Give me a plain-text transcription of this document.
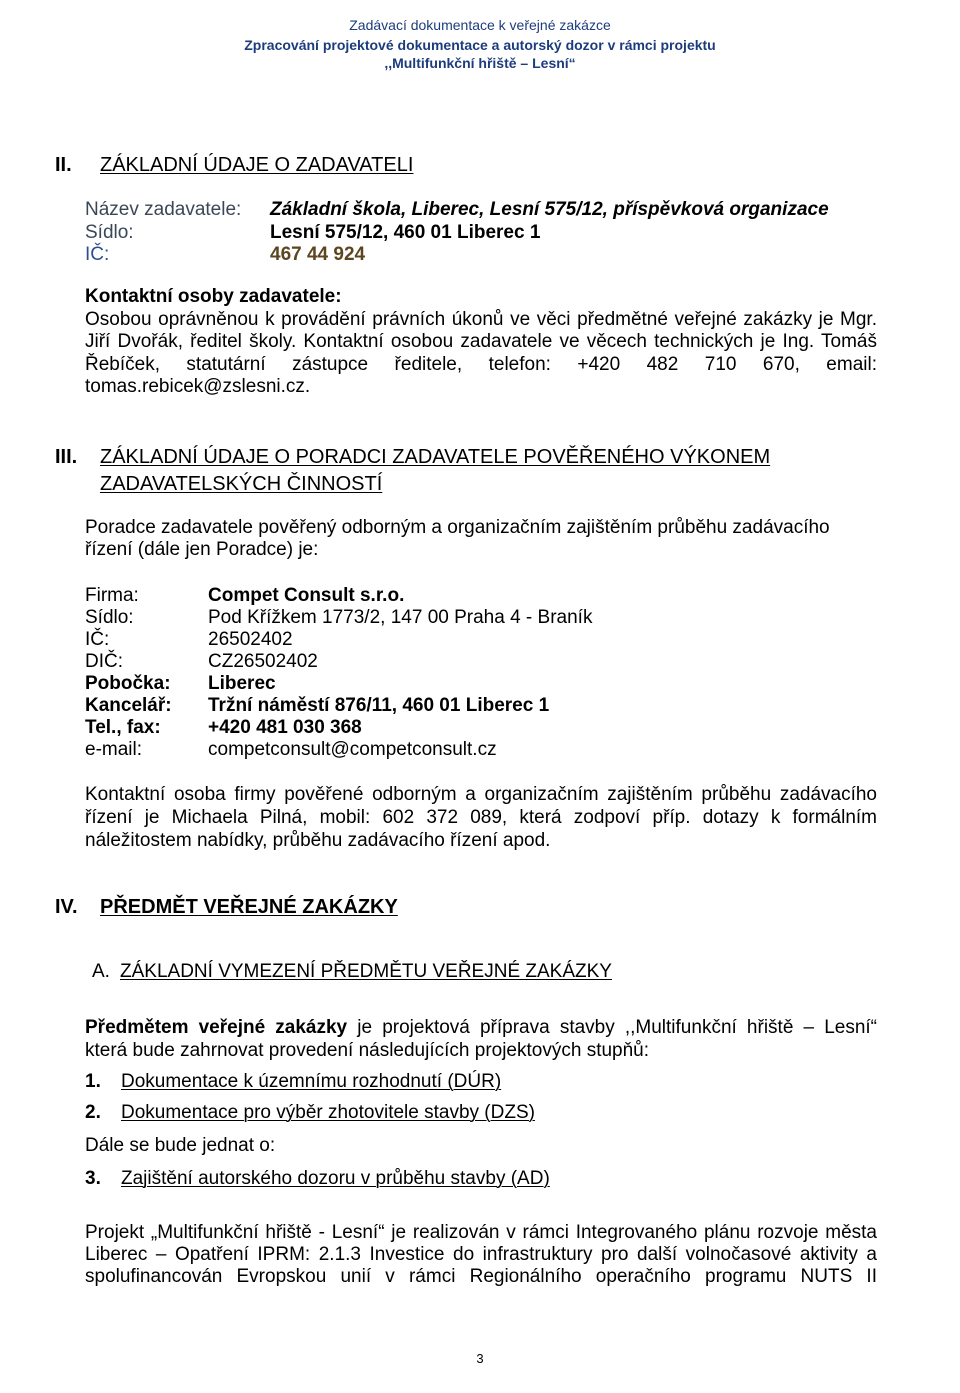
Zadávací dokumentace k veřejné zakázce
Zpracování projektové dokumentace a autorský dozor v rámci projektu
,,Multifunkční hřiště – Lesní“
II. ZÁKLADNÍ ÚDAJE O ZADAVATELI
Název zadavatele: Základní škola, Liberec, Lesní 575/12, příspěvková organizace
Sídlo:	Lesní 575/12, 460 01 Liberec 1
IČ:	467 44 924
Kontaktní osoby zadavatele:
Osobou oprávněnou k provádění právních úkonů ve věci předmětné veřejné zakázky je Mgr.
Jiří Dvořák, ředitel školy. Kontaktní osobou zadavatele ve věcech technických je Ing. Tomáš
Řebíček, statutární zástupce ředitele, telefon: +420 482 710 670, email:
tomas.rebicek@zslesni.cz.
III. ZÁKLADNÍ ÚDAJE O PORADCI ZADAVATELE POVĚŘENÉHO VÝKONEM
ZADAVATELSKÝCH ČINNOSTÍ
Poradce zadavatele pověřený odborným a organizačním zajištěním průběhu zadávacího
řízení (dále jen Poradce) je:
Firma:	Compet Consult s.r.o.
Sídlo:	Pod Křížkem 1773/2, 147 00 Praha 4 - Braník
IČ:	26502402
DIČ:	CZ26502402
Pobočka: Liberec
Kancelář: Tržní náměstí 876/11, 460 01 Liberec 1
Tel., fax: +420 481 030 368
e-mail:	competconsult@competconsult.cz
Kontaktní osoba firmy pověřené odborným a organizačním zajištěním průběhu zadávacího
řízení je Michaela Pilná, mobil: 602 372 089, která zodpoví příp. dotazy k formálním
náležitostem nabídky, průběhu zadávacího řízení apod.
IV. PŘEDMĚT VEŘEJNÉ ZAKÁZKY
A. ZÁKLADNÍ VYMEZENÍ PŘEDMĚTU VEŘEJNÉ ZAKÁZKY
Předmětem veřejné zakázky je projektová příprava stavby ,,Multifunkční hřiště – Lesní“
která bude zahrnovat provedení následujících projektových stupňů:
1. Dokumentace k územnímu rozhodnutí (DÚR)
2. Dokumentace pro výběr zhotovitele stavby (DZS)
Dále se bude jednat o:
3. Zajištění autorského dozoru v průběhu stavby (AD)
Projekt „Multifunkční hřiště - Lesní“ je realizován v rámci Integrovaného plánu rozvoje města
Liberec – Opatření IPRM: 2.1.3 Investice do infrastruktury pro další volnočasové aktivity a
spolufinancován Evropskou unií v rámci Regionálního operačního programu NUTS II
3
